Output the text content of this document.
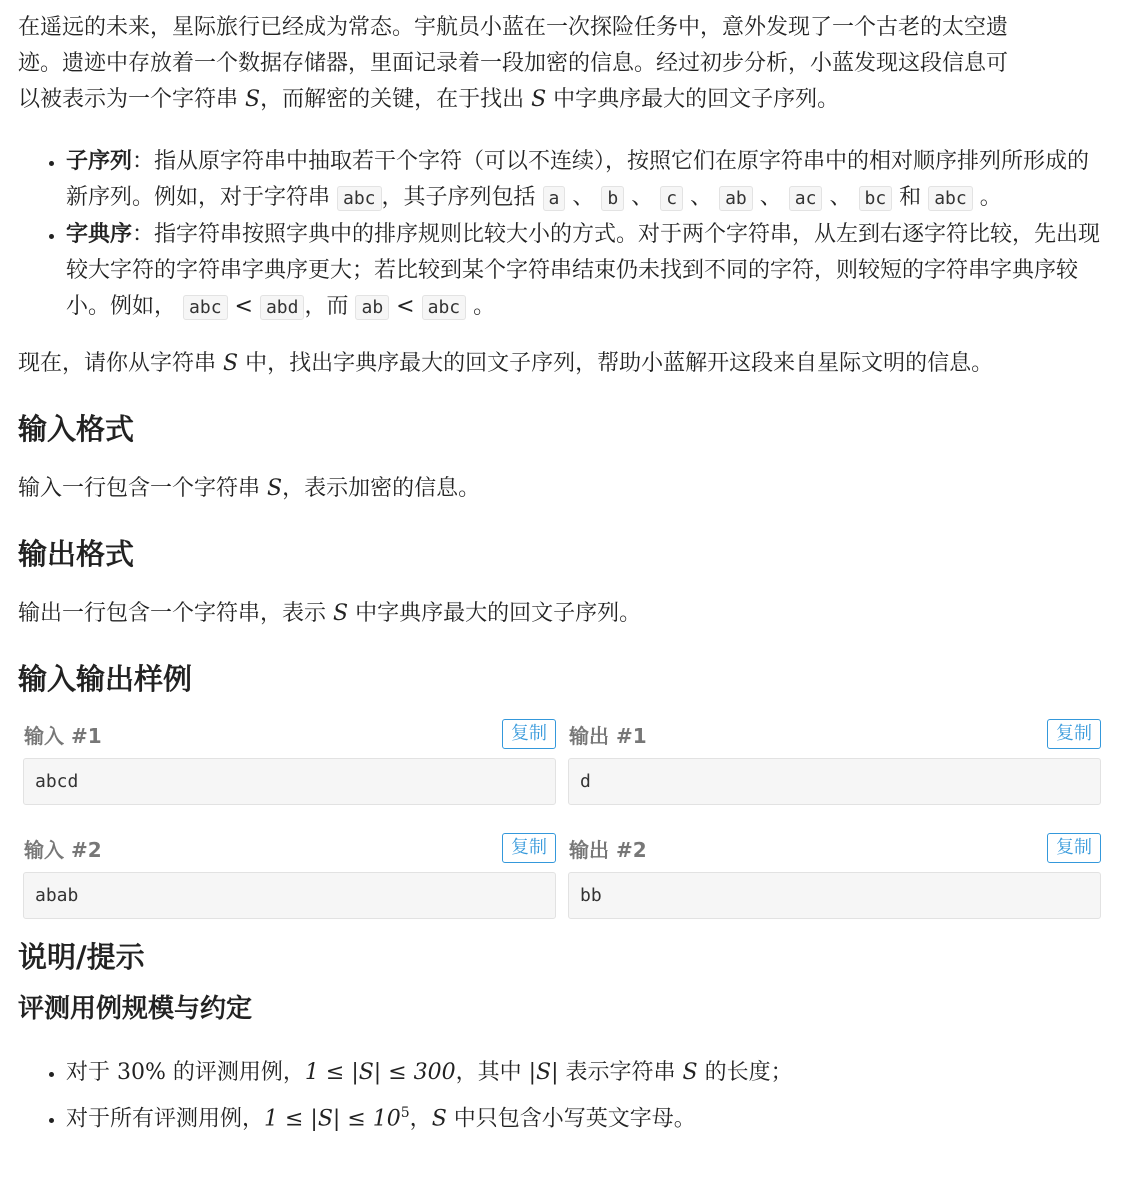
在遥远的未来，星际旅行已经成为常态。宇航员小蓝在一次探险任务中，意外发现了一个古老的太空遗
迹。遗迹中存放着一个数据存储器，里面记录着一段加密的信息。经过初步分析，小蓝发现这段信息可
以被表示为一个字符串 S，而解密的关键，在于找出 S 中字典序最大的回文子序列。

• 子序列：指从原字符串中抽取若干个字符（可以不连续），按照它们在原字符串中的相对顺序排列所形成的新序列。例如，对于字符串 abc ，其子序列包括 a 、 b 、 c 、 ab 、 ac 、 bc 和 abc 。
• 字典序：指字符串按照字典中的排序规则比较大小的方式。对于两个字符串，从左到右逐字符比较，先出现较大字符的字符串字典序更大；若比较到某个字符串结束仍未找到不同的字符，则较短的字符串字典序较小。例如， abc < abd ，而 ab < abc 。

现在，请你从字符串 S 中，找出字典序最大的回文子序列，帮助小蓝解开这段来自星际文明的信息。

输入格式

输入一行包含一个字符串 S，表示加密的信息。

输出格式

输出一行包含一个字符串，表示 S 中字典序最大的回文子序列。

输入输出样例
输入 #1	复制
abcd
输出 #1	复制
d
输入 #2	复制
abab
输出 #2	复制
bb
说明/提示
评测用例规模与约定
• 对于 30% 的评测用例，1 ≤ |S| ≤ 300，其中 |S| 表示字符串 S 的长度；
• 对于所有评测用例，$1 \le |S| \le 10^5$，S 中只包含小写英文字母。
